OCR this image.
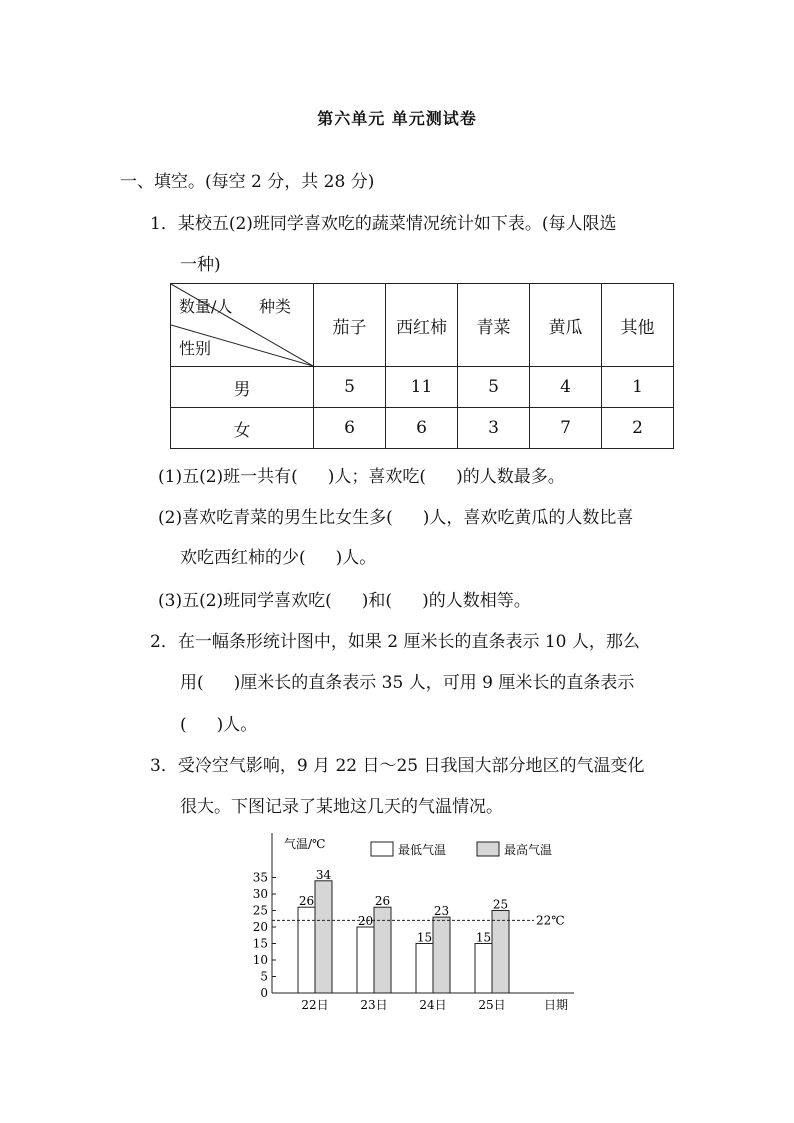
第六单元 单元测试卷
一、填空。(每空 2 分，共 28 分)
1．某校五(2)班同学喜欢吃的蔬菜情况统计如下表。(每人限选
一种)
数量/人 种类
性别	茄子	西红柿	青菜	黄瓜	其他
男	5	11	5	4	1
女	6	6	3	7	2
(1)五(2)班一共有( )人；喜欢吃( )的人数最多。
(2)喜欢吃青菜的男生比女生多( )人，喜欢吃黄瓜的人数比喜
欢吃西红柿的少( )人。
(3)五(2)班同学喜欢吃( )和( )的人数相等。
2．在一幅条形统计图中，如果 2 厘米长的直条表示 10 人，那么
用( )厘米长的直条表示 35 人，可用 9 厘米长的直条表示
( )人。
3．受冷空气影响，9 月 22 日～25 日我国大部分地区的气温变化
很大。下图记录了某地这几天的气温情况。
0
5
10
15
20
25
30
35
气温/℃	最低气温	最高气温
26
34
22日
20
26
23日
15
23
24日
15
25
25日	日期
22℃
